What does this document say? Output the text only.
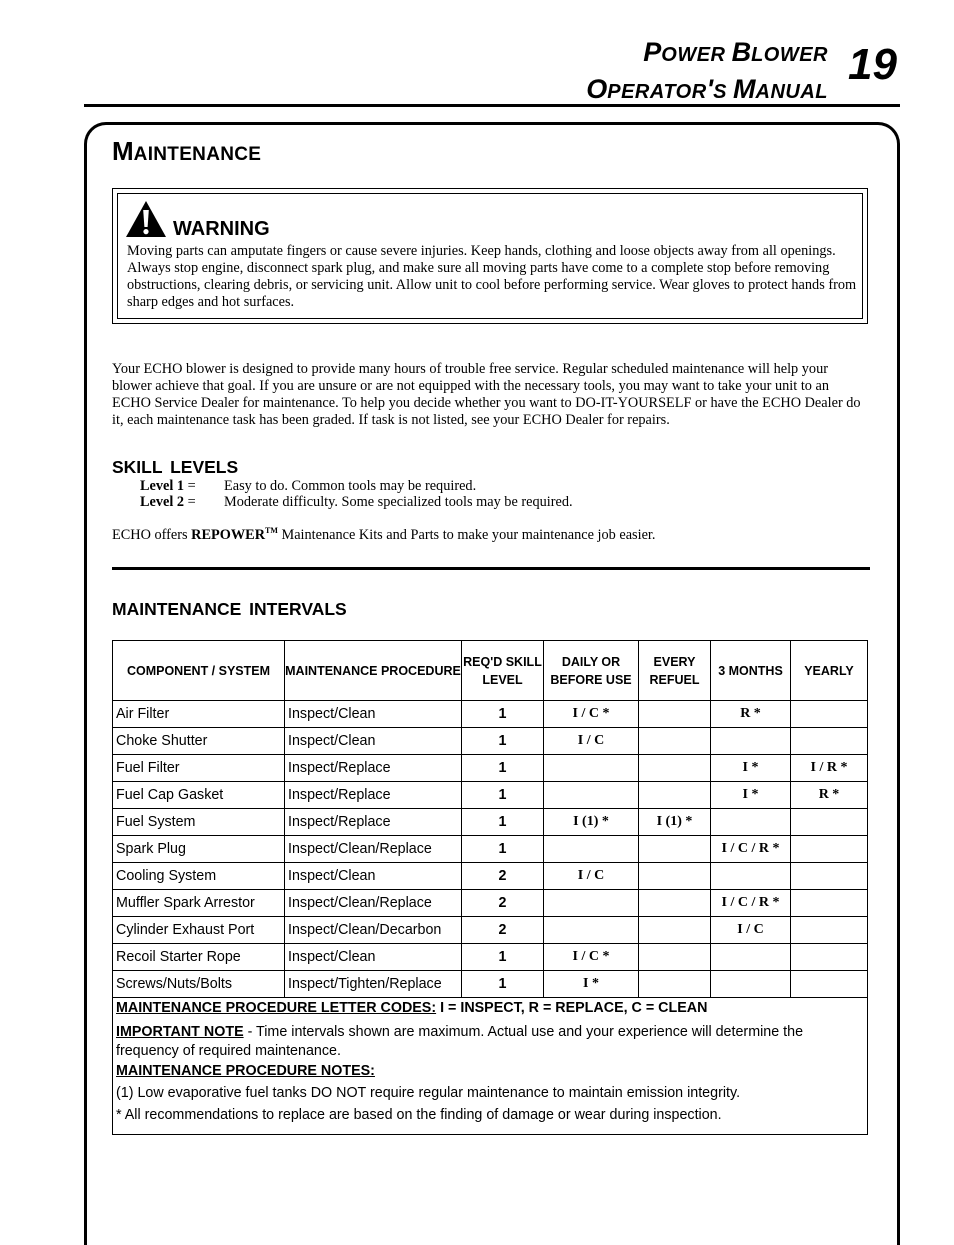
POWER BLOWER
OPERATOR'S MANUAL
19
MAINTENANCE
WARNING
Moving parts can amputate fingers or cause severe injuries. Keep hands, clothing and loose objects away from all openings. Always stop engine, disconnect spark plug, and make sure all moving parts have come to a complete stop before removing obstructions, clearing debris, or servicing unit. Allow unit to cool before performing service. Wear gloves to protect hands from sharp edges and hot surfaces.
Your ECHO blower is designed to provide many hours of trouble free service. Regular scheduled maintenance will help your blower achieve that goal. If you are unsure or are not equipped with the necessary tools, you may want to take your unit to an ECHO Service Dealer for maintenance. To help you decide whether you want to DO-IT-YOURSELF or have the ECHO Dealer do it, each maintenance task has been graded. If task is not listed, see your ECHO Dealer for repairs.
SKILL LEVELS
Level 1 = Easy to do. Common tools may be required.
Level 2 = Moderate difficulty. Some specialized tools may be required.
ECHO offers REPOWER™ Maintenance Kits and Parts to make your maintenance job easier.
MAINTENANCE INTERVALS
COMPONENT / SYSTEM	MAINTENANCE PROCEDURE	REQ'D SKILL LEVEL	DAILY OR BEFORE USE	EVERY REFUEL	3 MONTHS	YEARLY
Air Filter	Inspect/Clean	1	I / C *		R *	
Choke Shutter	Inspect/Clean	1	I / C			
Fuel Filter	Inspect/Replace	1			I *	I / R *
Fuel Cap Gasket	Inspect/Replace	1			I *	R *
Fuel System	Inspect/Replace	1	I (1) *	I (1) *		
Spark Plug	Inspect/Clean/Replace	1			I / C / R *	
Cooling System	Inspect/Clean	2	I / C			
Muffler Spark Arrestor	Inspect/Clean/Replace	2			I / C / R *	
Cylinder Exhaust Port	Inspect/Clean/Decarbon	2			I / C	
Recoil Starter Rope	Inspect/Clean	1	I / C *			
Screws/Nuts/Bolts	Inspect/Tighten/Replace	1	I *			

MAINTENANCE PROCEDURE LETTER CODES: I = INSPECT, R = REPLACE, C = CLEAN
IMPORTANT NOTE - Time intervals shown are maximum. Actual use and your experience will determine the frequency of required maintenance.
MAINTENANCE PROCEDURE NOTES:
(1) Low evaporative fuel tanks DO NOT require regular maintenance to maintain emission integrity.
* All recommendations to replace are based on the finding of damage or wear during inspection.						
